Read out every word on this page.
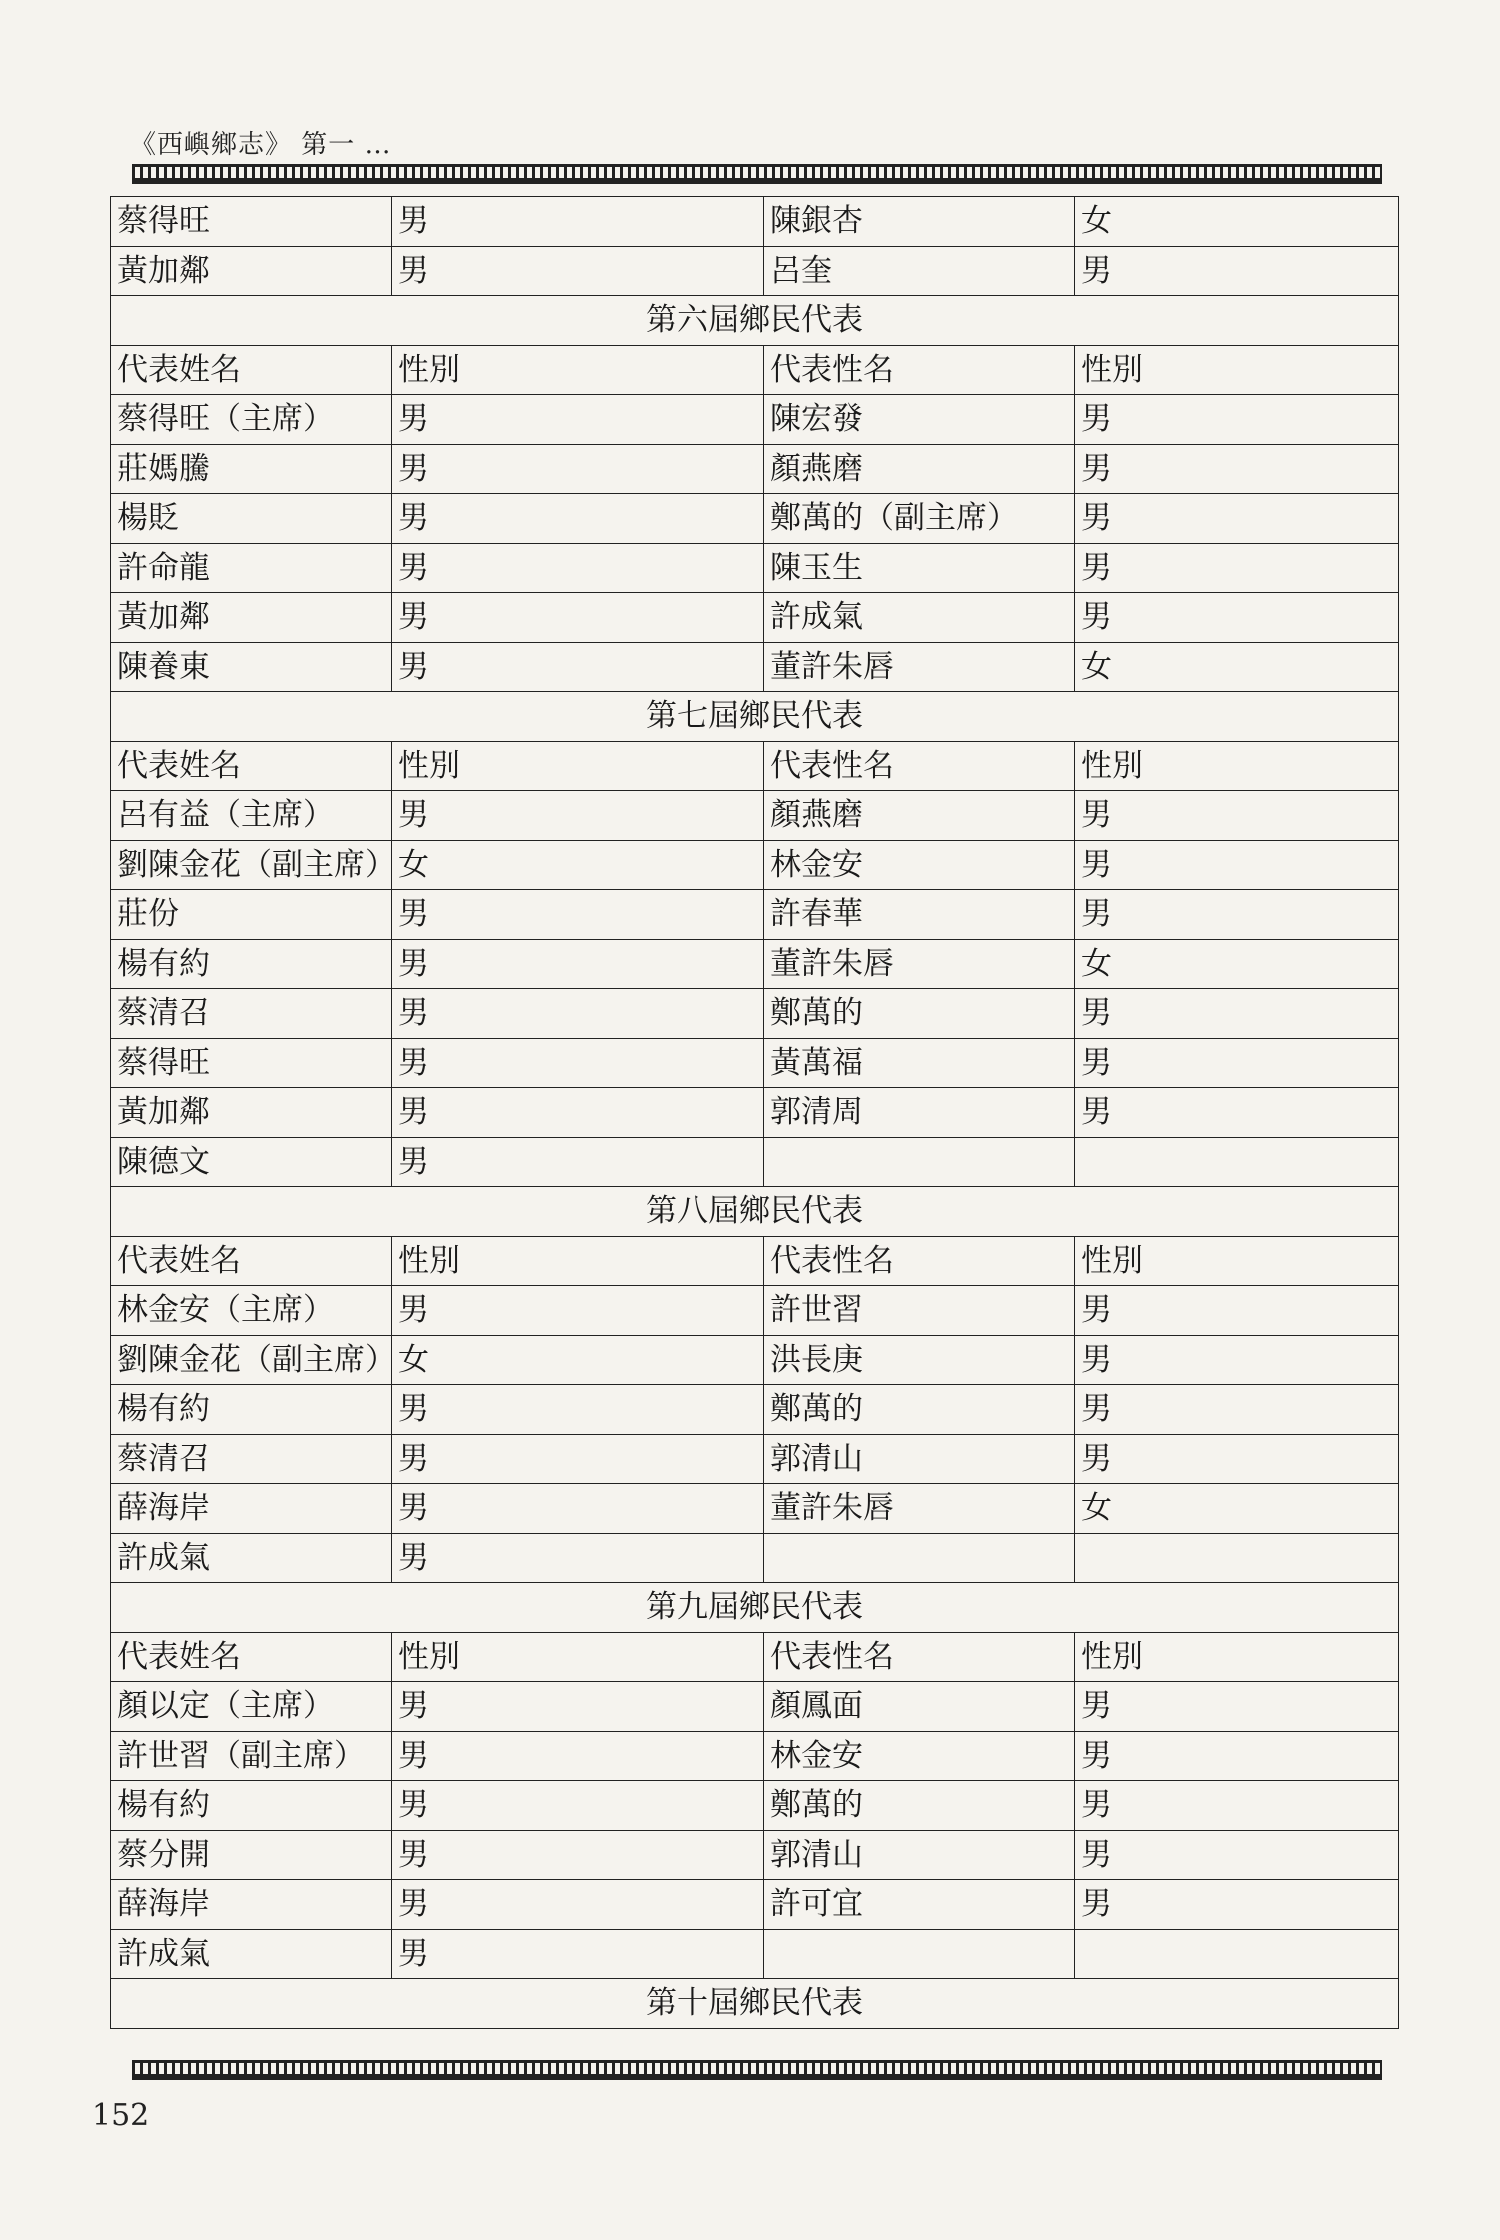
《西嶼鄉志》 第一 …
蔡得旺	男	陳銀杏	女
黃加鄰	男	呂奎	男
第六屆鄉民代表			
代表姓名	性別	代表性名	性別
蔡得旺（主席）	男	陳宏發	男
莊媽騰	男	顏燕磨	男
楊貶	男	鄭萬的（副主席）	男
許命龍	男	陳玉生	男
黃加鄰	男	許成氣	男
陳養東	男	董許朱唇	女
第七屆鄉民代表			
代表姓名	性別	代表性名	性別
呂有益（主席）	男	顏燕磨	男
劉陳金花（副主席）	女	林金安	男
莊份	男	許春華	男
楊有約	男	董許朱唇	女
蔡清召	男	鄭萬的	男
蔡得旺	男	黃萬福	男
黃加鄰	男	郭清周	男
陳德文	男		
第八屆鄉民代表			
代表姓名	性別	代表性名	性別
林金安（主席）	男	許世習	男
劉陳金花（副主席）	女	洪長庚	男
楊有約	男	鄭萬的	男
蔡清召	男	郭清山	男
薛海岸	男	董許朱唇	女
許成氣	男		
第九屆鄉民代表			
代表姓名	性別	代表性名	性別
顏以定（主席）	男	顏鳳面	男
許世習（副主席）	男	林金安	男
楊有約	男	鄭萬的	男
蔡分開	男	郭清山	男
薛海岸	男	許可宜	男
許成氣	男		
第十屆鄉民代表			
152
